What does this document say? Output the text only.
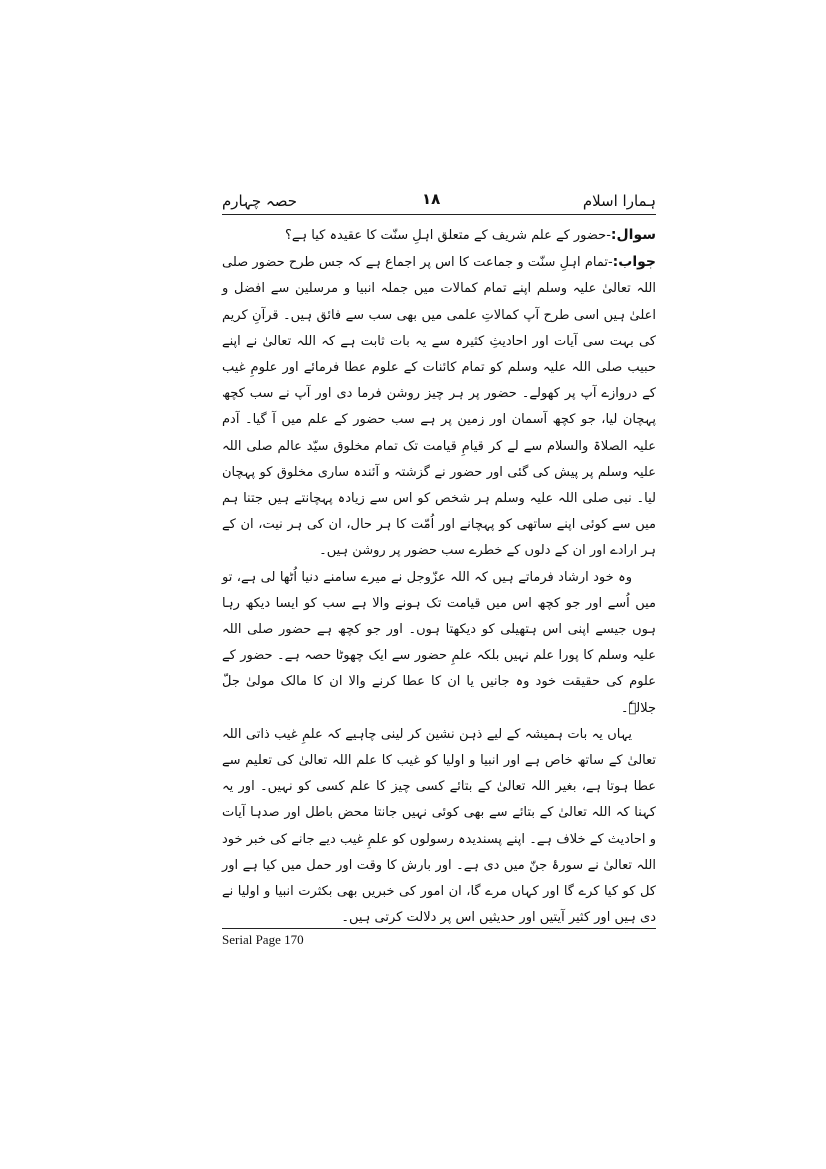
ہمارا اسلام
۱۸
حصہ چہارم

سوال:-حضور کے علم شریف کے متعلق اہلِ سنّت کا عقیدہ کیا ہے؟

جواب:-تمام اہلِ سنّت و جماعت کا اس پر اجماع ہے کہ جس طرح حضور صلی اللہ تعالیٰ علیہ وسلم اپنے تمام کمالات میں جملہ انبیا و مرسلین سے افضل و اعلیٰ ہیں اسی طرح آپ کمالاتِ علمی میں بھی سب سے فائق ہیں۔ قرآنِ کریم کی بہت سی آیات اور احادیثِ کثیرہ سے یہ بات ثابت ہے کہ اللہ تعالیٰ نے اپنے حبیب صلی اللہ علیہ وسلم کو تمام کائنات کے علوم عطا فرمائے اور علومِ غیب کے دروازے آپ پر کھولے۔ حضور پر ہر چیز روشن فرما دی اور آپ نے سب کچھ پہچان لیا، جو کچھ آسمان اور زمین پر ہے سب حضور کے علم میں آ گیا۔ آدم علیہ الصلاۃ والسلام سے لے کر قیامِ قیامت تک تمام مخلوق سیّد عالم صلی اللہ علیہ وسلم پر پیش کی گئی اور حضور نے گزشتہ و آئندہ ساری مخلوق کو پہچان لیا۔ نبی صلی اللہ علیہ وسلم ہر شخص کو اس سے زیادہ پہچانتے ہیں جتنا ہم میں سے کوئی اپنے ساتھی کو پہچانے اور اُمّت کا ہر حال، ان کی ہر نیت، ان کے ہر ارادے اور ان کے دلوں کے خطرے سب حضور پر روشن ہیں۔

وہ خود ارشاد فرماتے ہیں کہ اللہ عزّوجل نے میرے سامنے دنیا اُٹھا لی ہے، تو میں اُسے اور جو کچھ اس میں قیامت تک ہونے والا ہے سب کو ایسا دیکھ رہا ہوں جیسے اپنی اس ہتھیلی کو دیکھتا ہوں۔ اور جو کچھ ہے حضور صلی اللہ علیہ وسلم کا پورا علم نہیں بلکہ علمِ حضور سے ایک چھوٹا حصہ ہے۔ حضور کے علوم کی حقیقت خود وہ جانیں یا ان کا عطا کرنے والا ان کا مالک مولیٰ جلّ جلالہٗ۔

یہاں یہ بات ہمیشہ کے لیے ذہن نشین کر لینی چاہیے کہ علمِ غیب ذاتی اللہ تعالیٰ کے ساتھ خاص ہے اور انبیا و اولیا کو غیب کا علم اللہ تعالیٰ کی تعلیم سے عطا ہوتا ہے، بغیر اللہ تعالیٰ کے بتائے کسی چیز کا علم کسی کو نہیں۔ اور یہ کہنا کہ اللہ تعالیٰ کے بتائے سے بھی کوئی نہیں جانتا محض باطل اور صدہا آیات و احادیث کے خلاف ہے۔ اپنے پسندیدہ رسولوں کو علمِ غیب دیے جانے کی خبر خود اللہ تعالیٰ نے سورۂ جنّ میں دی ہے۔ اور بارش کا وقت اور حمل میں کیا ہے اور کل کو کیا کرے گا اور کہاں مرے گا، ان امور کی خبریں بھی بکثرت انبیا و اولیا نے دی ہیں اور کثیر آیتیں اور حدیثیں اس پر دلالت کرتی ہیں۔

Serial Page 170
